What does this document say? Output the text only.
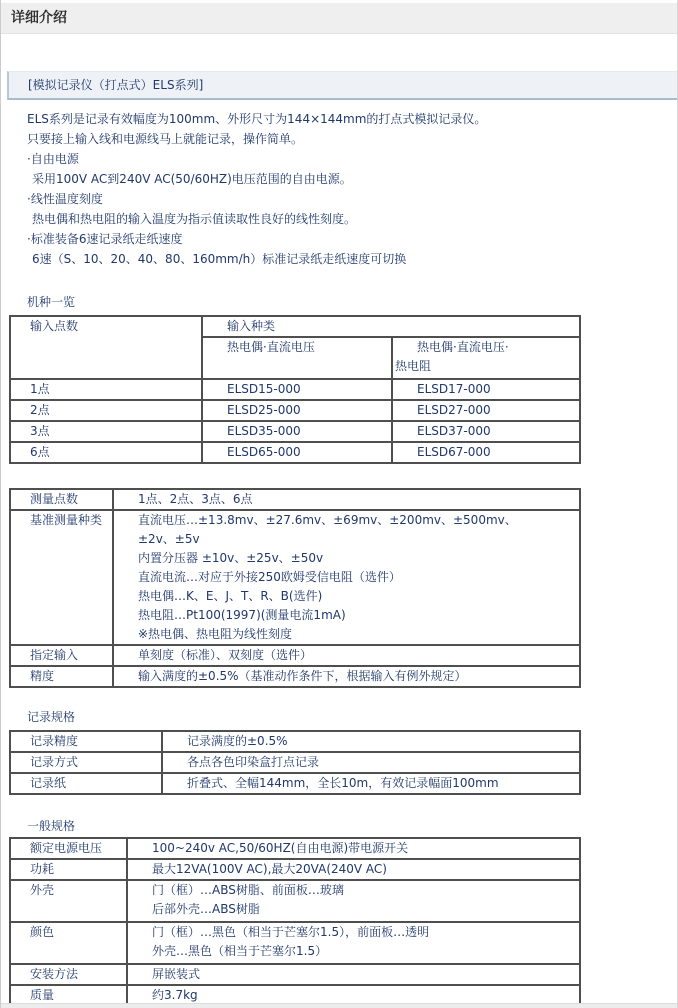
详细介绍
[模拟记录仪（打点式）ELS系列]
ELS系列是记录有效幅度为100mm、外形尺寸为144×144mm的打点式模拟记录仪。
只要接上输入线和电源线马上就能记录，操作简单。
·自由电源
采用100V AC到240V AC(50/60HZ)电压范围的自由电源。
·线性温度刻度
热电偶和热电阻的输入温度为指示值读取性良好的线性刻度。
·标准装备6速记录纸走纸速度
6速（S、10、20、40、80、160mm/h）标准记录纸走纸速度可切换
机种一览
输入点数	输入种类	

	热电偶·直流电压	热电偶·直流电压·
热电阻

1点	ELSD15-000	ELSD17-000

2点	ELSD25-000	ELSD27-000

3点	ELSD35-000	ELSD37-000

6点	ELSD65-000	ELSD67-000
测量点数	1点、2点、3点、6点

基准测量种类	直流电压…±13.8mv、±27.6mv、±69mv、±200mv、±500mv、
±2v、±5v
内置分压器 ±10v、±25v、±50v
直流电流…对应于外接250欧姆受信电阻（选件）
热电偶…K、E、J、T、R、B(选件)
热电阻…Pt100(1997)(测量电流1mA)
※热电偶、热电阻为线性刻度

指定输入	单刻度（标准）、双刻度（选件）

精度	输入满度的±0.5%（基准动作条件下，根据输入有例外规定）
记录规格
记录精度	记录满度的±0.5%

记录方式	各点各色印染盒打点记录

记录纸	折叠式、全幅144mm，全长10m，有效记录幅面100mm
一般规格
额定电源电压	100~240v AC,50/60HZ(自由电源)带电源开关

功耗	最大12VA(100V AC),最大20VA(240V AC)

外壳	门（框）…ABS树脂、前面板…玻璃
后部外壳…ABS树脂

颜色	门（框）…黑色（相当于芒塞尔1.5），前面板…透明
外壳…黑色（相当于芒塞尔1.5）

安装方法	屏嵌装式

质量	约3.7kg
